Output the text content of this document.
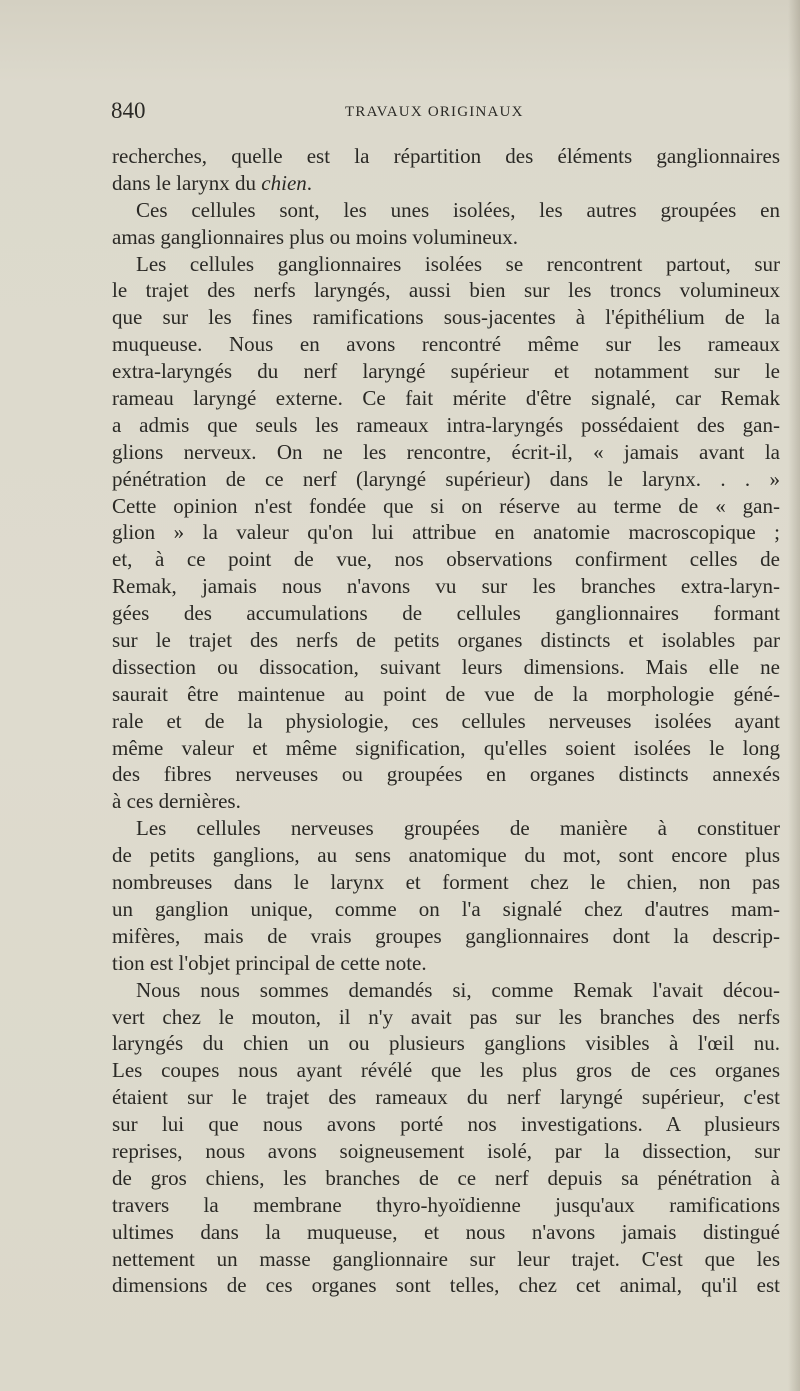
840	TRAVAUX ORIGINAUX
recherches, quelle est la répartition des éléments ganglionnaires
dans le larynx du chien.
Ces cellules sont, les unes isolées, les autres groupées en
amas ganglionnaires plus ou moins volumineux.
Les cellules ganglionnaires isolées se rencontrent partout, sur
le trajet des nerfs laryngés, aussi bien sur les troncs volumineux
que sur les fines ramifications sous-jacentes à l'épithélium de la
muqueuse. Nous en avons rencontré même sur les rameaux
extra-laryngés du nerf laryngé supérieur et notamment sur le
rameau laryngé externe. Ce fait mérite d'être signalé, car Remak
a admis que seuls les rameaux intra-laryngés possédaient des gan-
glions nerveux. On ne les rencontre, écrit-il, « jamais avant la
pénétration de ce nerf (laryngé supérieur) dans le larynx. . . »
Cette opinion n'est fondée que si on réserve au terme de « gan-
glion » la valeur qu'on lui attribue en anatomie macroscopique ;
et, à ce point de vue, nos observations confirment celles de
Remak, jamais nous n'avons vu sur les branches extra-laryn-
gées des accumulations de cellules ganglionnaires formant
sur le trajet des nerfs de petits organes distincts et isolables par
dissection ou dissocation, suivant leurs dimensions. Mais elle ne
saurait être maintenue au point de vue de la morphologie géné-
rale et de la physiologie, ces cellules nerveuses isolées ayant
même valeur et même signification, qu'elles soient isolées le long
des fibres nerveuses ou groupées en organes distincts annexés
à ces dernières.
Les cellules nerveuses groupées de manière à constituer
de petits ganglions, au sens anatomique du mot, sont encore plus
nombreuses dans le larynx et forment chez le chien, non pas
un ganglion unique, comme on l'a signalé chez d'autres mam-
mifères, mais de vrais groupes ganglionnaires dont la descrip-
tion est l'objet principal de cette note.
Nous nous sommes demandés si, comme Remak l'avait décou-
vert chez le mouton, il n'y avait pas sur les branches des nerfs
laryngés du chien un ou plusieurs ganglions visibles à l'œil nu.
Les coupes nous ayant révélé que les plus gros de ces organes
étaient sur le trajet des rameaux du nerf laryngé supérieur, c'est
sur lui que nous avons porté nos investigations. A plusieurs
reprises, nous avons soigneusement isolé, par la dissection, sur
de gros chiens, les branches de ce nerf depuis sa pénétration à
travers la membrane thyro-hyoïdienne jusqu'aux ramifications
ultimes dans la muqueuse, et nous n'avons jamais distingué
nettement un masse ganglionnaire sur leur trajet. C'est que les
dimensions de ces organes sont telles, chez cet animal, qu'il est
